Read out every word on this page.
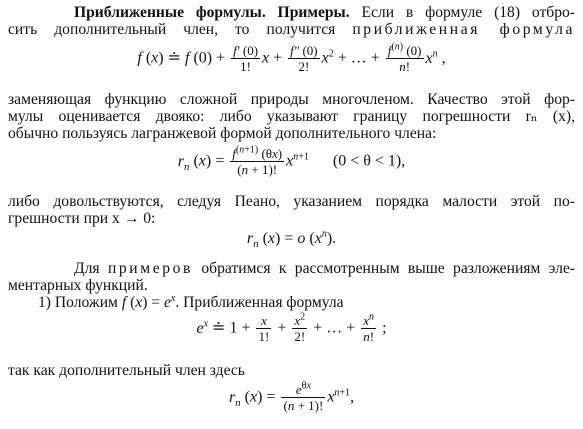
Приближенные формулы. Примеры. Если в формуле (18) отбро-
сить дополнительный член, то получится приближенная формула
f (x) ≐ f $(0) + \frac{f' (0)}{1!}$ $x + \frac{f'' (0)}{2!} x^2$ + … + $\frac{f^{(n)} (0)}{n!} x^n$ ,
заменяющая функцию сложной природы многочленом. Качество этой фор-
мулы оценивается двояко: либо указывают границу погрешности rₙ (x),
обычно пользуясь лагранжевой формой дополнительного члена:
$r_n$ $(x) = \frac{f^{(n+1)} (\theta x)}{(n + 1)!} x^{n+1}$      (0 < θ < 1),
либо довольствуются, следуя Пеано, указанием порядка малости этой по-
грешности при x → 0:
$r_n$ (x) = o $(x^n)$.
Для примеров обратимся к рассмотренным выше разложениям эле-
ментарных функций.
1) Положим f $(x) = e^x$. Приближенная формула
$e^x$ ≐ $1 + \frac{x}{1!} + \frac{x^2}{2!}$ + … + $\frac{x^n}{n!}$ ;
так как дополнительный член здесь
$r_n$ $(x) = \frac{e^{\theta x}}{(n + 1)!} x^{n+1}$,
